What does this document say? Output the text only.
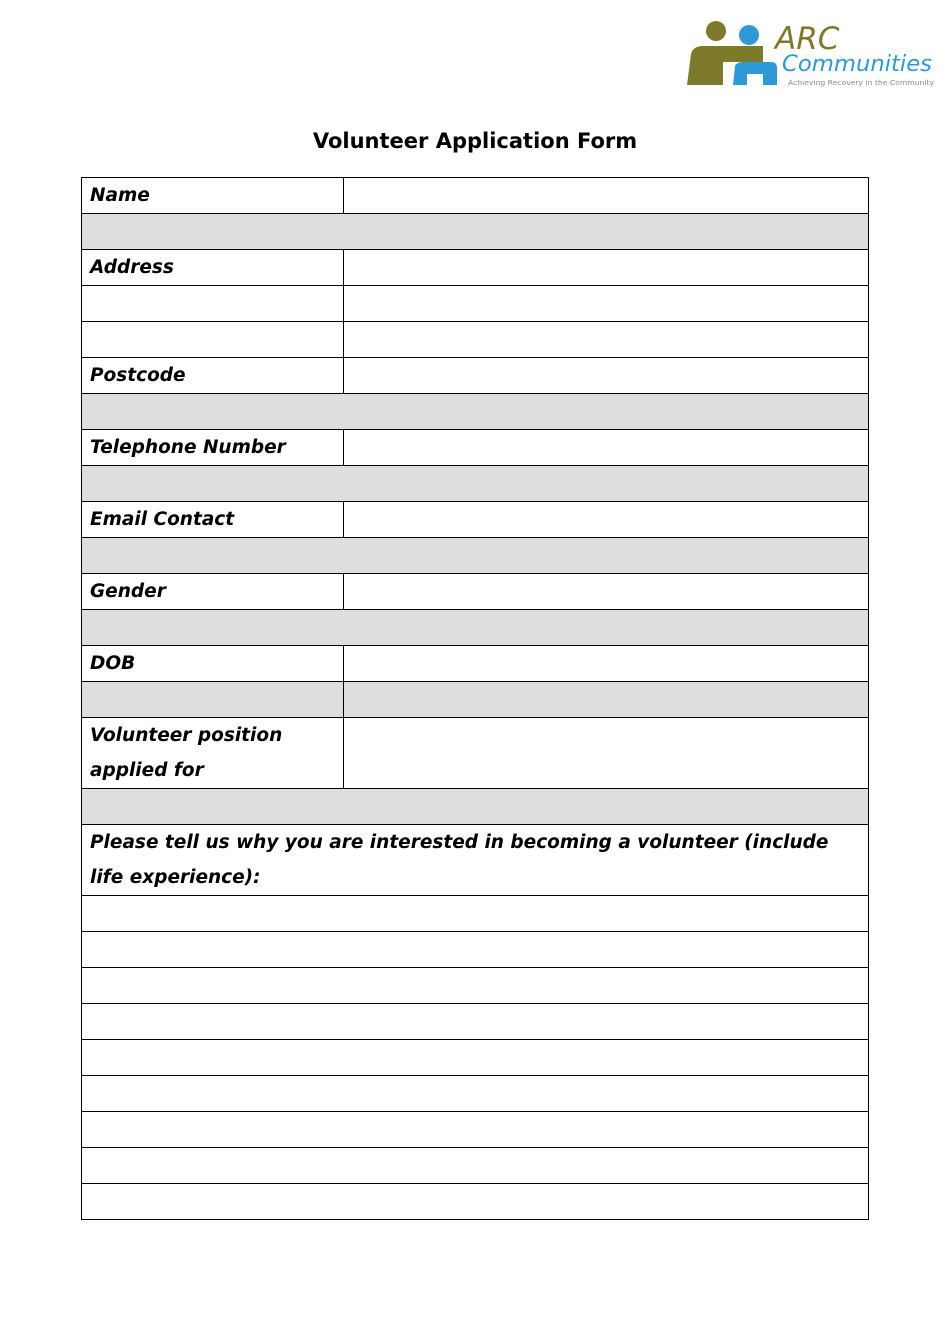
ARC
Communities
Achieving Recovery in the Community
Volunteer Application Form
Name	

Address	

Postcode	

Telephone Number	

Email Contact	

Gender	

DOB	

Volunteer position applied for	

Please tell us why you are interested in becoming a volunteer (include life experience):	
